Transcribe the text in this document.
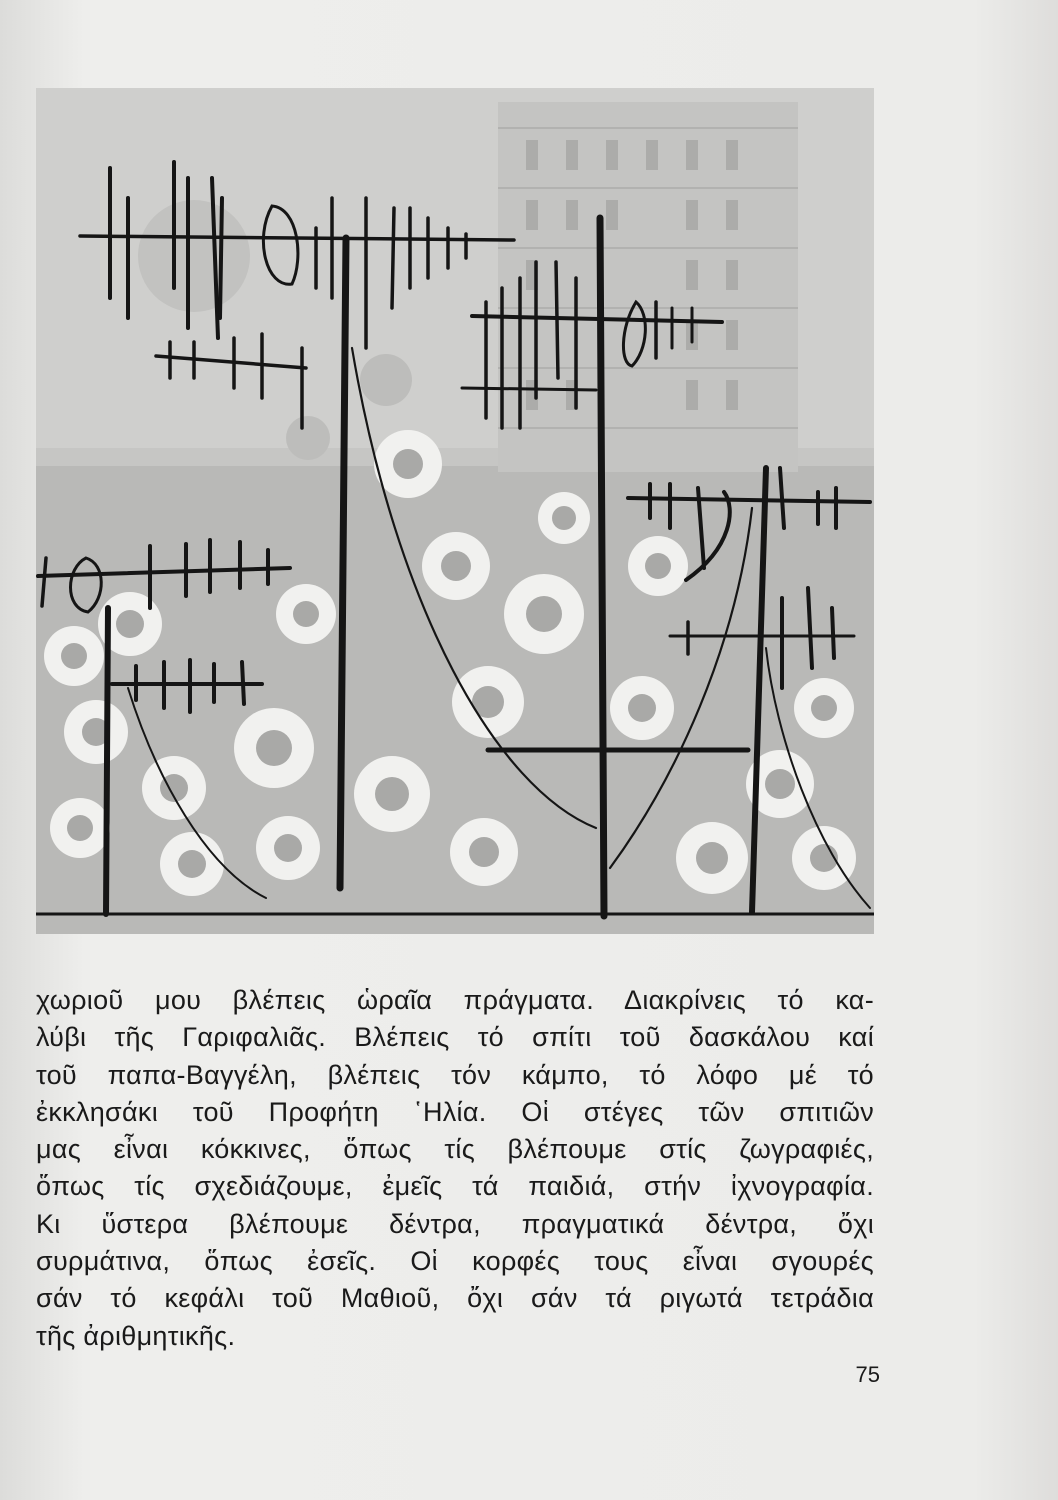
χωριοῦ μου βλέπεις ὡραῖα πράγματα. Διακρίνεις τό κα-
λύβι τῆς Γαριφαλιᾶς. Βλέπεις τό σπίτι τοῦ δασκάλου καί
τοῦ παπα-Βαγγέλη, βλέπεις τόν κάμπο, τό λόφο μέ τό
ἐκκλησάκι τοῦ Προφήτη ῾Ηλία. Οἱ στέγες τῶν σπιτιῶν
μας εἶναι κόκκινες, ὅπως τίς βλέπουμε στίς ζωγραφιές,
ὅπως τίς σχεδιάζουμε, ἐμεῖς τά παιδιά, στήν ἰχνογραφία.
Κι ὕστερα βλέπουμε δέντρα, πραγματικά δέντρα, ὄχι
συρμάτινα, ὅπως ἐσεῖς. Οἱ κορφές τους εἶναι σγουρές
σάν τό κεφάλι τοῦ Μαθιοῦ, ὄχι σάν τά ριγωτά τετράδια
τῆς ἀριθμητικῆς.
75
